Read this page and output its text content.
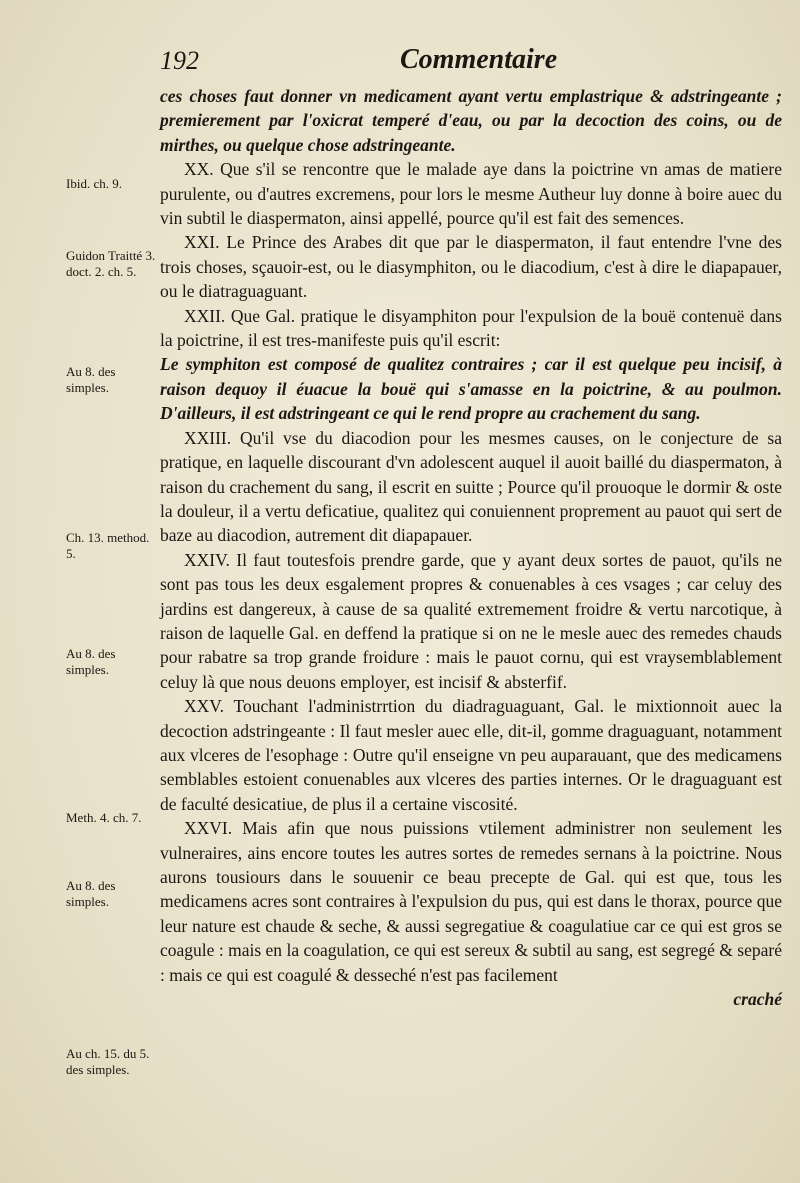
192	Commentaire

ces choses faut donner vn medicament ayant vertu emplastrique & adstringeante ; premierement par l'oxicrat temperé d'eau, ou par la decoction des coins, ou de mirthes, ou quelque chose adstringeante.

XX. Que s'il se rencontre que le malade aye dans la poictrine vn amas de matiere purulente, ou d'autres excremens, pour lors le mesme Autheur luy donne à boire auec du vin subtil le diaspermaton, ainsi appellé, pource qu'il est fait des semences.

XXI. Le Prince des Arabes dit que par le diaspermaton, il faut entendre l'vne des trois choses, sçauoir-est, ou le diasymphiton, ou le diacodium, c'est à dire le diapapauer, ou le diatraguaguant.

XXII. Que Gal. pratique le disyamphiton pour l'expulsion de la bouë contenuë dans la poictrine, il est tres-manifeste puis qu'il escrit:

Le symphiton est composé de qualitez contraires ; car il est quelque peu incisif, à raison dequoy il éuacue la bouë qui s'amasse en la poictrine, & au poulmon. D'ailleurs, il est adstringeant ce qui le rend propre au crachement du sang.

XXIII. Qu'il vse du diacodion pour les mesmes causes, on le conjecture de sa pratique, en laquelle discourant d'vn adolescent auquel il auoit baillé du diaspermaton, à raison du crachement du sang, il escrit en suitte ; Pource qu'il prouoque le dormir & oste la douleur, il a vertu deficatiue, qualitez qui conuiennent proprement au pauot qui sert de baze au diacodion, autrement dit diapapauer.

XXIV. Il faut toutesfois prendre garde, que y ayant deux sortes de pauot, qu'ils ne sont pas tous les deux esgalement propres & conuenables à ces vsages ; car celuy des jardins est dangereux, à cause de sa qualité extremement froidre & vertu narcotique, à raison de laquelle Gal. en deffend la pratique si on ne le mesle auec des remedes chauds pour rabatre sa trop grande froidure : mais le pauot cornu, qui est vraysemblablement celuy là que nous deuons employer, est incisif & absterfif.

XXV. Touchant l'administrrtion du diadraguaguant, Gal. le mixtionnoit auec la decoction adstringeante : Il faut mesler auec elle, dit-il, gomme draguaguant, notamment aux vlceres de l'esophage : Outre qu'il enseigne vn peu auparauant, que des medicamens semblables estoient conuenables aux vlceres des parties internes. Or le draguaguant est de faculté desicatiue, de plus il a certaine viscosité.

XXVI. Mais afin que nous puissions vtilement administrer non seulement les vulneraires, ains encore toutes les autres sortes de remedes sernans à la poictrine. Nous aurons tousiours dans le souuenir ce beau precepte de Gal. qui est que, tous les medicamens acres sont contraires à l'expulsion du pus, qui est dans le thorax, pource que leur nature est chaude & seche, & aussi segregatiue & coagulatiue car ce qui est gros se coagule : mais en la coagulation, ce qui est sereux & subtil au sang, est segregé & separé : mais ce qui est coagulé & desseché n'est pas facilement

craché

Ibid. ch. 9.
Guidon Traitté 3. doct. 2. ch. 5.
Au 8. des simples.
Ch. 13. method. 5.
Au 8. des simples.
Meth. 4. ch. 7.
Au 8. des simples.
Au ch. 15. du 5. des simples.
